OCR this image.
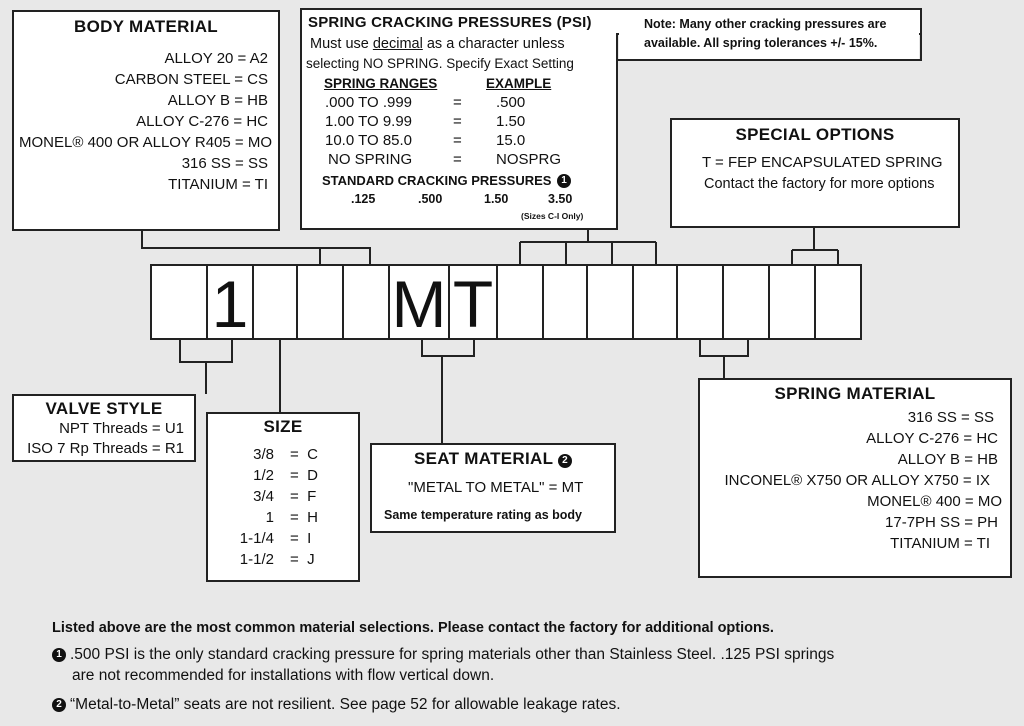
BODY MATERIAL
ALLOY 20 = A2
CARBON STEEL = CS
ALLOY B = HB
ALLOY C-276 = HC
MONEL® 400 OR ALLOY R405 = MO
316 SS = SS
TITANIUM = TI
SPRING CRACKING PRESSURES (PSI)
Must use decimal as a character unless
selecting NO SPRING. Specify Exact Setting
SPRING RANGES	EXAMPLE
.000 TO .999	= .500
1.00 TO 9.99	= 1.50
10.0 TO 85.0	= 15.0
NO SPRING	= NOSPRG
STANDARD CRACKING PRESSURES 1
.125	.500	1.50	3.50
(Sizes C-I Only)
Note: Many other cracking pressures are
available. All spring tolerances +/- 15%.
SPECIAL OPTIONS
T = FEP ENCAPSULATED SPRING
Contact the factory for more options
1 M T
VALVE STYLE
NPT Threads = U1
ISO 7 Rp Threads = R1
SIZE
3/8 =  C
1/2 =  D
3/4 =  F
1 =  H
1-1/4 =  I
1-1/2 =  J
SEAT MATERIAL 2
"METAL TO METAL" = MT
Same temperature rating as body
SPRING MATERIAL
316 SS = SS
ALLOY C-276 = HC
ALLOY B = HB
INCONEL® X750 OR ALLOY X750 = IX
MONEL® 400 = MO
17-7PH SS = PH
TITANIUM = TI
Listed above are the most common material selections. Please contact the factory for additional options.
1 .500 PSI is the only standard cracking pressure for spring materials other than Stainless Steel. .125 PSI springs
are not recommended for installations with flow vertical down.
2 “Metal-to-Metal” seats are not resilient. See page 52 for allowable leakage rates.
